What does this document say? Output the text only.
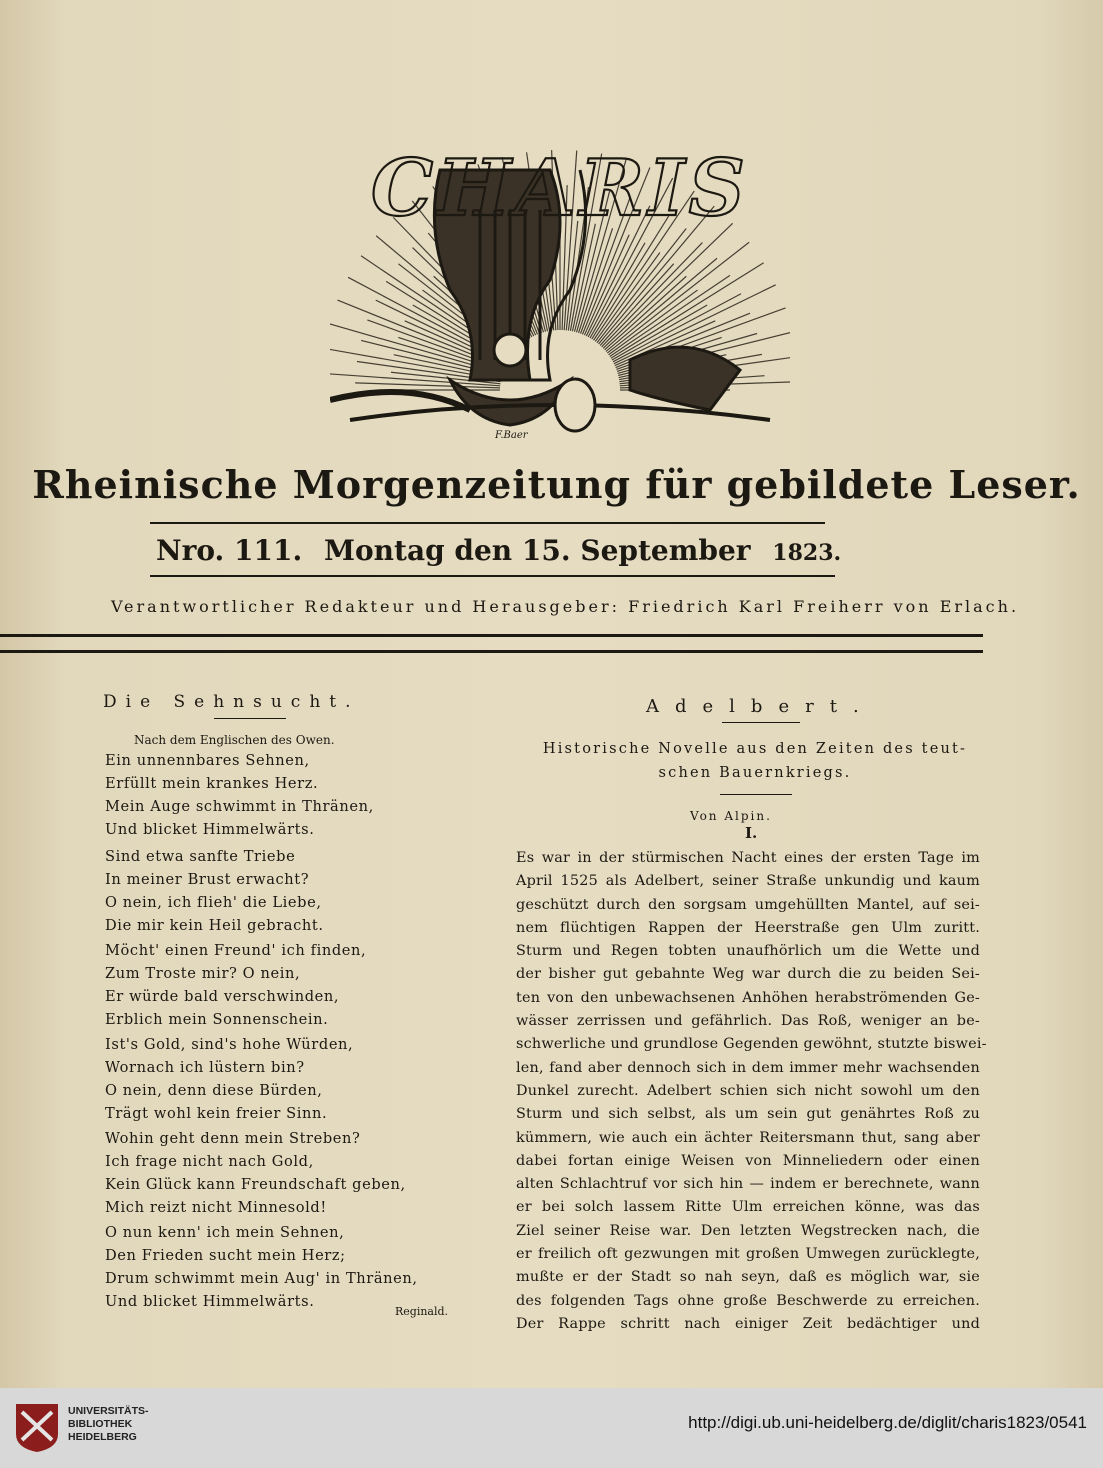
CHARIS
F.Baer
Rheinische Morgenzeitung für gebildete Leser.
Nro. 111. Montag den 15. September 1823.
Verantwortlicher Redakteur und Herausgeber: Friedrich Karl Freiherr von Erlach.
Die Sehnsucht.
Nach dem Englischen des Owen.
Ein unnennbares Sehnen,
Erfüllt mein krankes Herz.
Mein Auge schwimmt in Thränen,
Und blicket Himmelwärts.
Sind etwa sanfte Triebe
In meiner Brust erwacht?
O nein, ich flieh' die Liebe,
Die mir kein Heil gebracht.
Möcht' einen Freund' ich finden,
Zum Troste mir? O nein,
Er würde bald verschwinden,
Erblich mein Sonnenschein.
Ist's Gold, sind's hohe Würden,
Wornach ich lüstern bin?
O nein, denn diese Bürden,
Trägt wohl kein freier Sinn.
Wohin geht denn mein Streben?
Ich frage nicht nach Gold,
Kein Glück kann Freundschaft geben,
Mich reizt nicht Minnesold!
O nun kenn' ich mein Sehnen,
Den Frieden sucht mein Herz;
Drum schwimmt mein Aug' in Thränen,
Und blicket Himmelwärts.
Reginald.
Adelbert.
Historische Novelle aus den Zeiten des teut-
schen Bauernkriegs.
Von Alpin.
I.
Es war in der stürmischen Nacht eines der ersten Tage im
April 1525 als Adelbert, seiner Straße unkundig und kaum
geschützt durch den sorgsam umgehüllten Mantel, auf sei-
nem flüchtigen Rappen der Heerstraße gen Ulm zuritt.
Sturm und Regen tobten unaufhörlich um die Wette und
der bisher gut gebahnte Weg war durch die zu beiden Sei-
ten von den unbewachsenen Anhöhen herabströmenden Ge-
wässer zerrissen und gefährlich. Das Roß, weniger an be-
schwerliche und grundlose Gegenden gewöhnt, stutzte biswei-
len, fand aber dennoch sich in dem immer mehr wachsenden
Dunkel zurecht. Adelbert schien sich nicht sowohl um den
Sturm und sich selbst, als um sein gut genährtes Roß zu
kümmern, wie auch ein ächter Reitersmann thut, sang aber
dabei fortan einige Weisen von Minneliedern oder einen
alten Schlachtruf vor sich hin — indem er berechnete, wann
er bei solch lassem Ritte Ulm erreichen könne, was das
Ziel seiner Reise war. Den letzten Wegstrecken nach, die
er freilich oft gezwungen mit großen Umwegen zurücklegte,
mußte er der Stadt so nah seyn, daß es möglich war, sie
des folgenden Tags ohne große Beschwerde zu erreichen.
Der Rappe schritt nach einiger Zeit bedächtiger und
UNIVERSITÄTS-
BIBLIOTHEK
HEIDELBERG
http://digi.ub.uni-heidelberg.de/diglit/charis1823/0541
